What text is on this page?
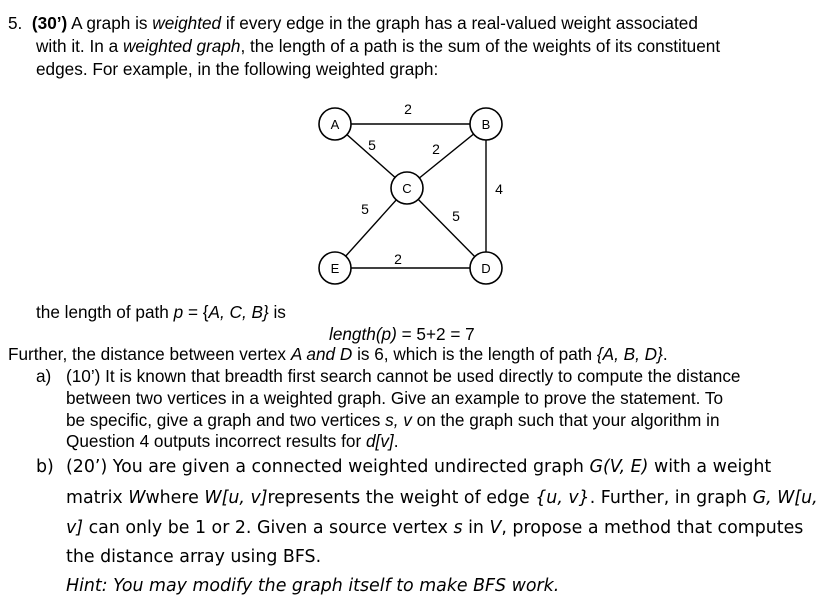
5. (30’) A graph is weighted if every edge in the graph has a real-valued weight associated
with it. In a weighted graph, the length of a path is the sum of the weights of its constituent
edges. For example, in the following weighted graph:
2
5	2
4
5	5
2
A	B
C
E	D
the length of path p = {A, C, B} is
length(p) = 5+2 = 7
Further, the distance between vertex A and D is 6, which is the length of path {A, B, D}.
a) (10’) It is known that breadth first search cannot be used directly to compute the distance
between two vertices in a weighted graph. Give an example to prove the statement. To
be specific, give a graph and two vertices s, v on the graph such that your algorithm in
Question 4 outputs incorrect results for d[v].
b) (20’) You are given a connected weighted undirected graph G(V, E) with a weight
matrix Wwhere W[u, v]represents the weight of edge {u, v}. Further, in graph G, W[u,
v] can only be 1 or 2. Given a source vertex s in V, propose a method that computes
the distance array using BFS.
Hint: You may modify the graph itself to make BFS work.
